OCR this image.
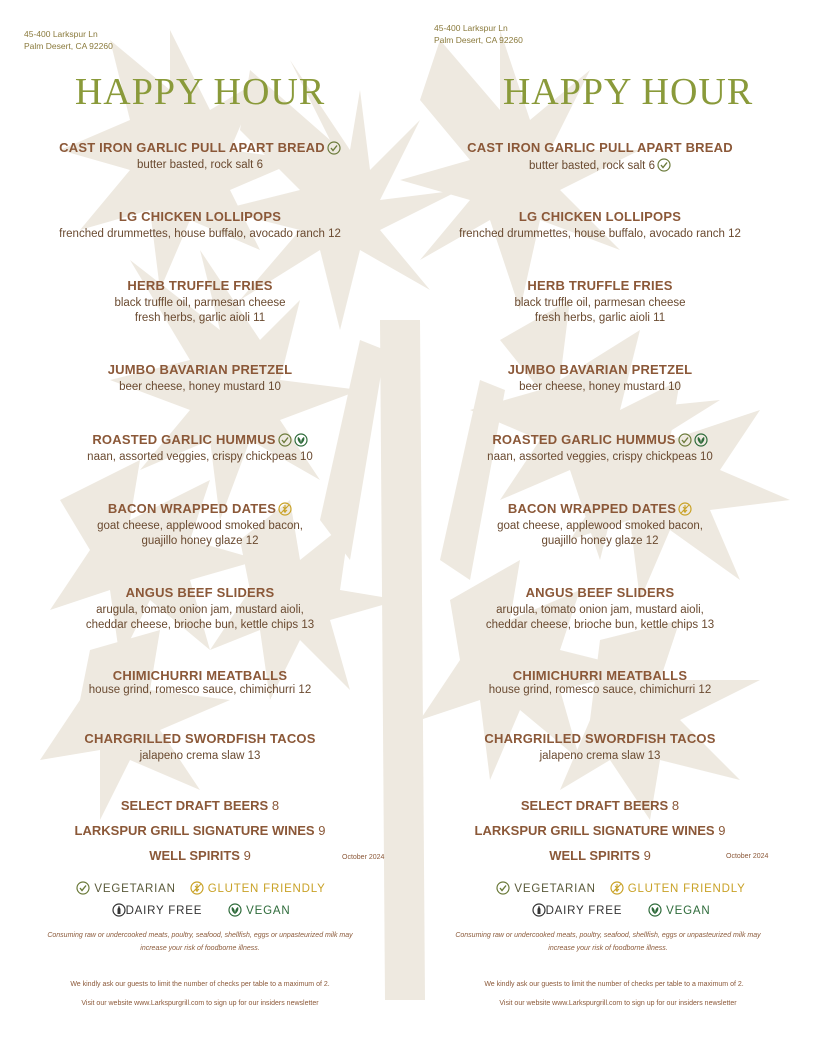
45-400 Larkspur Ln
Palm Desert, CA 92260
HAPPY HOUR
CAST IRON GARLIC PULL APART BREAD
butter basted, rock salt 6
LG CHICKEN LOLLIPOPS
frenched drummettes, house buffalo, avocado ranch 12
HERB TRUFFLE FRIES
black truffle oil, parmesan cheese
fresh herbs, garlic aioli 11
JUMBO BAVARIAN PRETZEL
beer cheese, honey mustard 10
ROASTED GARLIC HUMMUS
naan, assorted veggies, crispy chickpeas 10
BACON WRAPPED DATES
goat cheese, applewood smoked bacon,
guajillo honey glaze 12
ANGUS BEEF SLIDERS
arugula, tomato onion jam, mustard aioli,
cheddar cheese, brioche bun, kettle chips 13
CHIMICHURRI MEATBALLS
house grind, romesco sauce, chimichurri 12
CHARGRILLED SWORDFISH TACOS
jalapeno crema slaw 13
SELECT DRAFT BEERS 8
LARKSPUR GRILL SIGNATURE WINES 9
WELL SPIRITS 9	October 2024
VEGETARIAN	GLUTEN FRIENDLY
DAIRY FREE	VEGAN
Consuming raw or undercooked meats, poultry, seafood, shellfish, eggs or unpasteurized milk may
increase your risk of foodborne illness.
We kindly ask our guests to limit the number of checks per table to a maximum of 2.
Visit our website www.Larkspurgrill.com to sign up for our insiders newsletter
45-400 Larkspur Ln
Palm Desert, CA 92260
HAPPY HOUR
CAST IRON GARLIC PULL APART BREAD
butter basted, rock salt 6
LG CHICKEN LOLLIPOPS
frenched drummettes, house buffalo, avocado ranch 12
HERB TRUFFLE FRIES
black truffle oil, parmesan cheese
fresh herbs, garlic aioli 11
JUMBO BAVARIAN PRETZEL
beer cheese, honey mustard 10
ROASTED GARLIC HUMMUS
naan, assorted veggies, crispy chickpeas 10
BACON WRAPPED DATES
goat cheese, applewood smoked bacon,
guajillo honey glaze 12
ANGUS BEEF SLIDERS
arugula, tomato onion jam, mustard aioli,
cheddar cheese, brioche bun, kettle chips 13
CHIMICHURRI MEATBALLS
house grind, romesco sauce, chimichurri 12
CHARGRILLED SWORDFISH TACOS
jalapeno crema slaw 13
SELECT DRAFT BEERS 8
LARKSPUR GRILL SIGNATURE WINES 9
WELL SPIRITS 9	October 2024
VEGETARIAN	GLUTEN FRIENDLY
DAIRY FREE	VEGAN
Consuming raw or undercooked meats, poultry, seafood, shellfish, eggs or unpasteurized milk may
increase your risk of foodborne illness.
We kindly ask our guests to limit the number of checks per table to a maximum of 2.
Visit our website www.Larkspurgrill.com to sign up for our insiders newsletter
